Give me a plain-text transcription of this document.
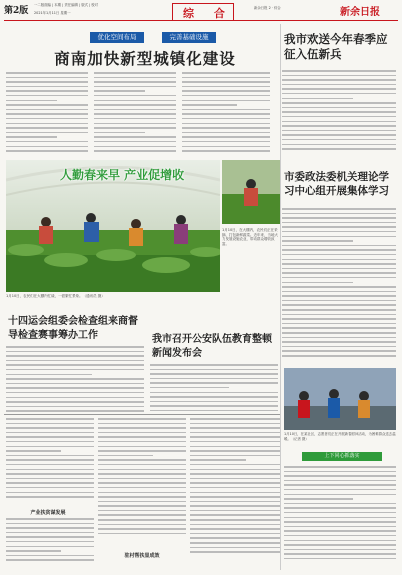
第2版
一二版面编 | 本期 | 责任编辑 | 版式 | 校对
2021年1月11日 星期一	综 合	新余日报 2 · 综合	新余日报
优化空间布局	完善基础设施
商南加快新型城镇化建设
我市欢送今年春季应征入伍新兵
人勤春来早 产业促增收
1月10日，在大棚内，农民们正在采摘、打包新鲜蔬菜。近年来，当地大力发展设施农业，带动群众增收致富。
1月10日，农民们在大棚内忙碌，一派繁忙景象。（通讯员 摄）
市委政法委机关理论学习中心组开展集体学习
十四运会组委会检查组来商督导检查赛事筹办工作	我市召开公安队伍教育整顿新闻发布会
1月10日，在某社区，志愿者们正在开展新春慰问活动，为困难群众送去温暖。（记者 摄）
产业扶贫谋发展
驻村帮扶显成效
上下同心抓落实
